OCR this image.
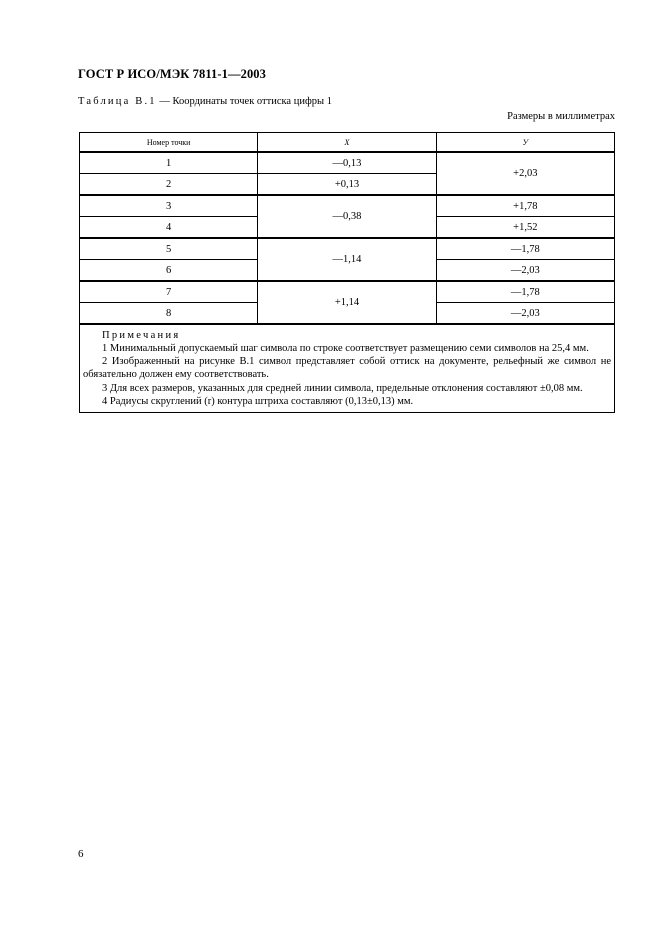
ГОСТ Р ИСО/МЭК 7811-1—2003
Таблица В.1 — Координаты точек оттиска цифры 1
Размеры в миллиметрах
Номер точки	X	У
1	—0,13	+2,03
2	+0,13	
3	—0,38	+1,78
4		+1,52
5	—1,14	—1,78
6		—2,03
7	+1,14	—1,78
8		—2,03

Примечания
1 Минимальный допускаемый шаг символа по строке соответствует размещению семи символов на 25,4 мм.
2 Изображенный на рисунке В.1 символ представляет собой оттиск на документе, рельефный же символ не обязательно должен ему соответствовать.
3 Для всех размеров, указанных для средней линии символа, предельные отклонения составляют ±0,08 мм.
4 Радиусы скруглений (r) контура штриха составляют (0,13±0,13) мм.		
6
